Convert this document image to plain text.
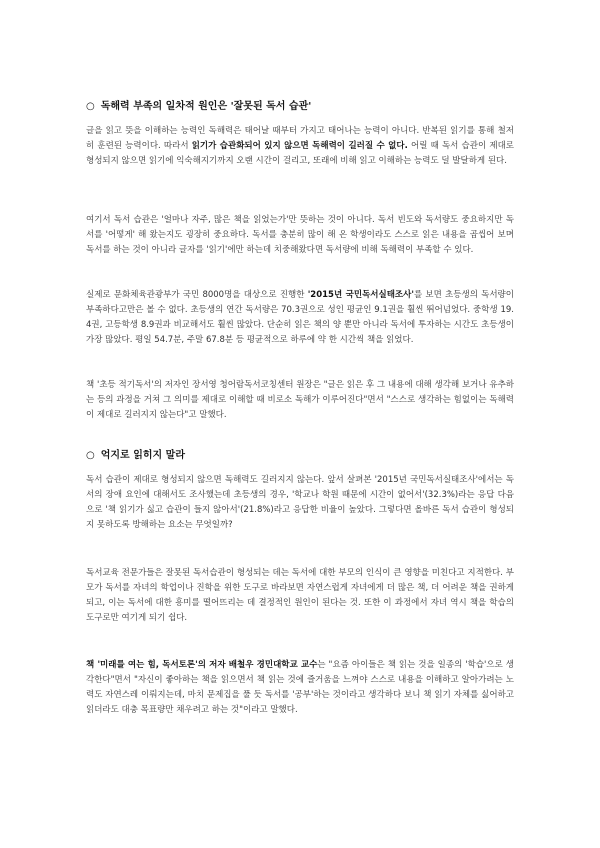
○ 독해력 부족의 일차적 원인은 '잘못된 독서 습관'

글을 읽고 뜻을 이해하는 능력인 독해력은 태어날 때부터 가지고 태어나는 능력이 아니다. 반복된 읽기를 통해 철저히 훈련된 능력이다. 따라서 읽기가 습관화되어 있지 않으면 독해력이 길러질 수 없다. 어릴 때 독서 습관이 제대로 형성되지 않으면 읽기에 익숙해지기까지 오랜 시간이 걸리고, 또래에 비해 읽고 이해하는 능력도 덜 발달하게 된다.

여기서 독서 습관은 '얼마나 자주, 많은 책을 읽었는가'만 뜻하는 것이 아니다. 독서 빈도와 독서량도 중요하지만 독서를 '어떻게' 해 왔는지도 굉장히 중요하다. 독서를 충분히 많이 해 온 학생이라도 스스로 읽은 내용을 곱씹어 보며 독서를 하는 것이 아니라 글자를 '읽기'에만 하는데 치중해왔다면 독서량에 비해 독해력이 부족할 수 있다.

실제로 문화체육관광부가 국민 8000명을 대상으로 진행한 '2015년 국민독서실태조사'를 보면 초등생의 독서량이 부족하다고만은 볼 수 없다. 초등생의 연간 독서량은 70.3권으로 성인 평균인 9.1권을 훨씬 뛰어넘었다. 중학생 19.4권, 고등학생 8.9권과 비교해서도 훨씬 많았다. 단순히 읽은 책의 양 뿐만 아니라 독서에 투자하는 시간도 초등생이 가장 많았다. 평일 54.7분, 주말 67.8분 등 평균적으로 하루에 약 한 시간씩 책을 읽었다.

책 '초등 적기독서'의 저자인 장서영 청어람독서코칭센터 원장은 "글은 읽은 후 그 내용에 대해 생각해 보거나 유추하는 등의 과정을 거쳐 그 의미를 제대로 이해할 때 비로소 독해가 이루어진다"면서 "스스로 생각하는 힘없이는 독해력이 제대로 길러지지 않는다"고 말했다.

○ 억지로 읽히지 말라

독서 습관이 제대로 형성되지 않으면 독해력도 길러지지 않는다. 앞서 살펴본 '2015년 국민독서실태조사'에서는 독서의 장애 요인에 대해서도 조사했는데 초등생의 경우, '학교나 학원 때문에 시간이 없어서'(32.3%)라는 응답 다음으로 '책 읽기가 싫고 습관이 들지 않아서'(21.8%)라고 응답한 비율이 높았다. 그렇다면 올바른 독서 습관이 형성되지 못하도록 방해하는 요소는 무엇일까?

독서교육 전문가들은 잘못된 독서습관이 형성되는 데는 독서에 대한 부모의 인식이 큰 영향을 미친다고 지적한다. 부모가 독서를 자녀의 학업이나 진학을 위한 도구로 바라보면 자연스럽게 자녀에게 더 많은 책, 더 어려운 책을 권하게 되고, 이는 독서에 대한 흥미를 떨어뜨리는 데 결정적인 원인이 된다는 것. 또한 이 과정에서 자녀 역시 책을 학습의 도구로만 여기게 되기 쉽다.

책 '미래를 여는 힘, 독서토론'의 저자 배철우 경민대학교 교수는 "요즘 아이들은 책 읽는 것을 일종의 '학습'으로 생각한다"면서 "자신이 좋아하는 책을 읽으면서 책 읽는 것에 즐거움을 느껴야 스스로 내용을 이해하고 알아가려는 노력도 자연스레 이뤄지는데, 마치 문제집을 풀 듯 독서를 '공부'하는 것이라고 생각하다 보니 책 읽기 자체를 싫어하고 읽더라도 대충 목표량만 채우려고 하는 것"이라고 말했다.
